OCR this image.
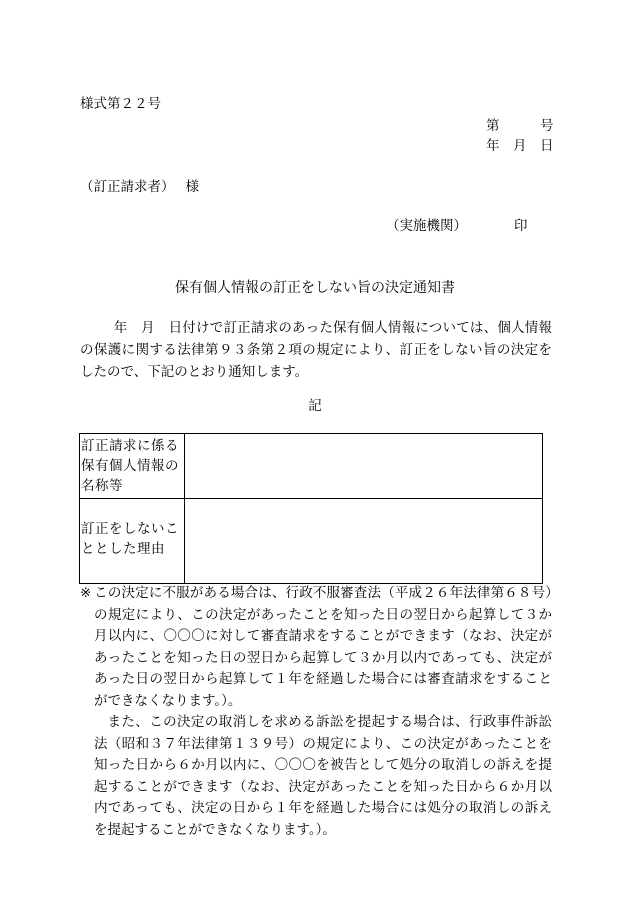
様式第２２号
第　　　号
年　月　日
（訂正請求者）　 様
（実施機関）	印
保有個人情報の訂正をしない旨の決定通知書
年　月　日付けで訂正請求のあった保有個人情報については、個人情報の保護に関する法律第９３条第２項の規定により、訂正をしない旨の決定をしたので、下記のとおり通知します。
記
訂正請求に係る保有個人情報の名称等	
訂正をしないこととした理由	
※ この決定に不服がある場合は、行政不服審査法（平成２６年法律第６８号）の規定により、この決定があったことを知った日の翌日から起算して３か月以内に、〇〇〇に対して審査請求をすることができます（なお、決定があったことを知った日の翌日から起算して３か月以内であっても、決定があった日の翌日から起算して１年を経過した場合には審査請求をすることができなくなります。）。
また、この決定の取消しを求める訴訟を提起する場合は、行政事件訴訟法（昭和３７年法律第１３９号）の規定により、この決定があったことを知った日から６か月以内に、〇〇〇を被告として処分の取消しの訴えを提起することができます（なお、決定があったことを知った日から６か月以内であっても、決定の日から１年を経過した場合には処分の取消しの訴えを提起することができなくなります。）。
